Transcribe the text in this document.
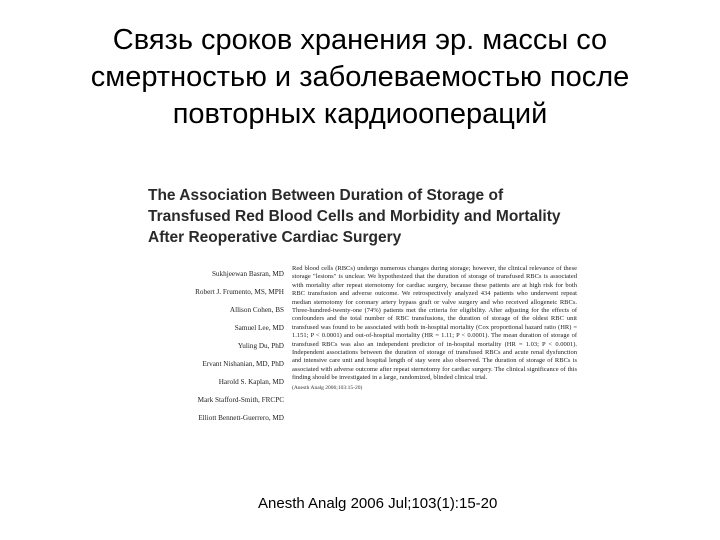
Связь сроков хранения эр. массы со
смертностью и заболеваемостью после
повторных кардиоопераций
The Association Between Duration of Storage of
Transfused Red Blood Cells and Morbidity and Mortality
After Reoperative Cardiac Surgery
Sukhjeewan Basran, MD
Robert J. Frumento, MS, MPH
Allison Cohen, BS
Samuel Lee, MD
Yuling Du, PhD
Ervant Nishanian, MD, PhD
Harold S. Kaplan, MD
Mark Stafford-Smith, FRCPC
Elliott Bennett-Guerrero, MD
Red blood cells (RBCs) undergo numerous changes during storage; however, the clinical relevance of these storage "lesions" is unclear. We hypothesized that the duration of storage of transfused RBCs is associated with mortality after repeat sternotomy for cardiac surgery, because these patients are at high risk for both RBC transfusion and adverse outcome. We retrospectively analyzed 434 patients who underwent repeat median sternotomy for coronary artery bypass graft or valve surgery and who received allogeneic RBCs. Three-hundred-twenty-one (74%) patients met the criteria for eligibility. After adjusting for the effects of confounders and the total number of RBC transfusions, the duration of storage of the oldest RBC unit transfused was found to be associated with both in-hospital mortality (Cox proportional hazard ratio (HR) = 1.151; P < 0.0001) and out-of-hospital mortality (HR = 1.11; P < 0.0001). The mean duration of storage of transfused RBCs was also an independent predictor of in-hospital mortality (HR = 1.03; P < 0.0001). Independent associations between the duration of storage of transfused RBCs and acute renal dysfunction and intensive care unit and hospital length of stay were also observed. The duration of storage of RBCs is associated with adverse outcome after repeat sternotomy for cardiac surgery. The clinical significance of this finding should be investigated in a large, randomized, blinded clinical trial.
(Anesth Analg 2006;103:15-20)
Anesth Analg 2006 Jul;103(1):15-20
